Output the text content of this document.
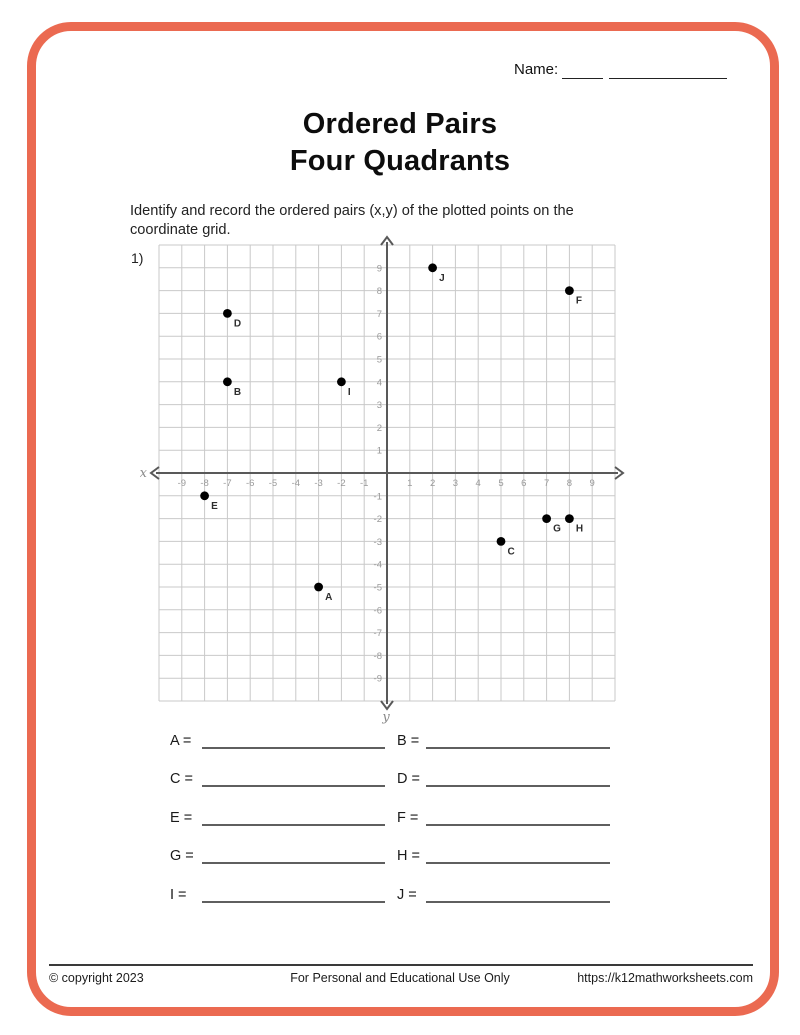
Name:
Ordered Pairs
Four Quadrants
Identify and record the ordered pairs (x,y) of the plotted points on the
coordinate grid.
1)
-9
-9
-8
-8
-7
-7
-6
-6
-5
-5
-4
-4
-3
-3
-2
-2
-1
-1
1
1
2
2
3
3
4
4
5
5
6
6
7
7
8
8
9
9
x
y
A
B
C
D
E
F
G H
I
J
A =	B =
C =	D =
E =	F =
G =	H =
I =	J =
© copyright 2023	For Personal and Educational Use Only	https://k12mathworksheets.com
